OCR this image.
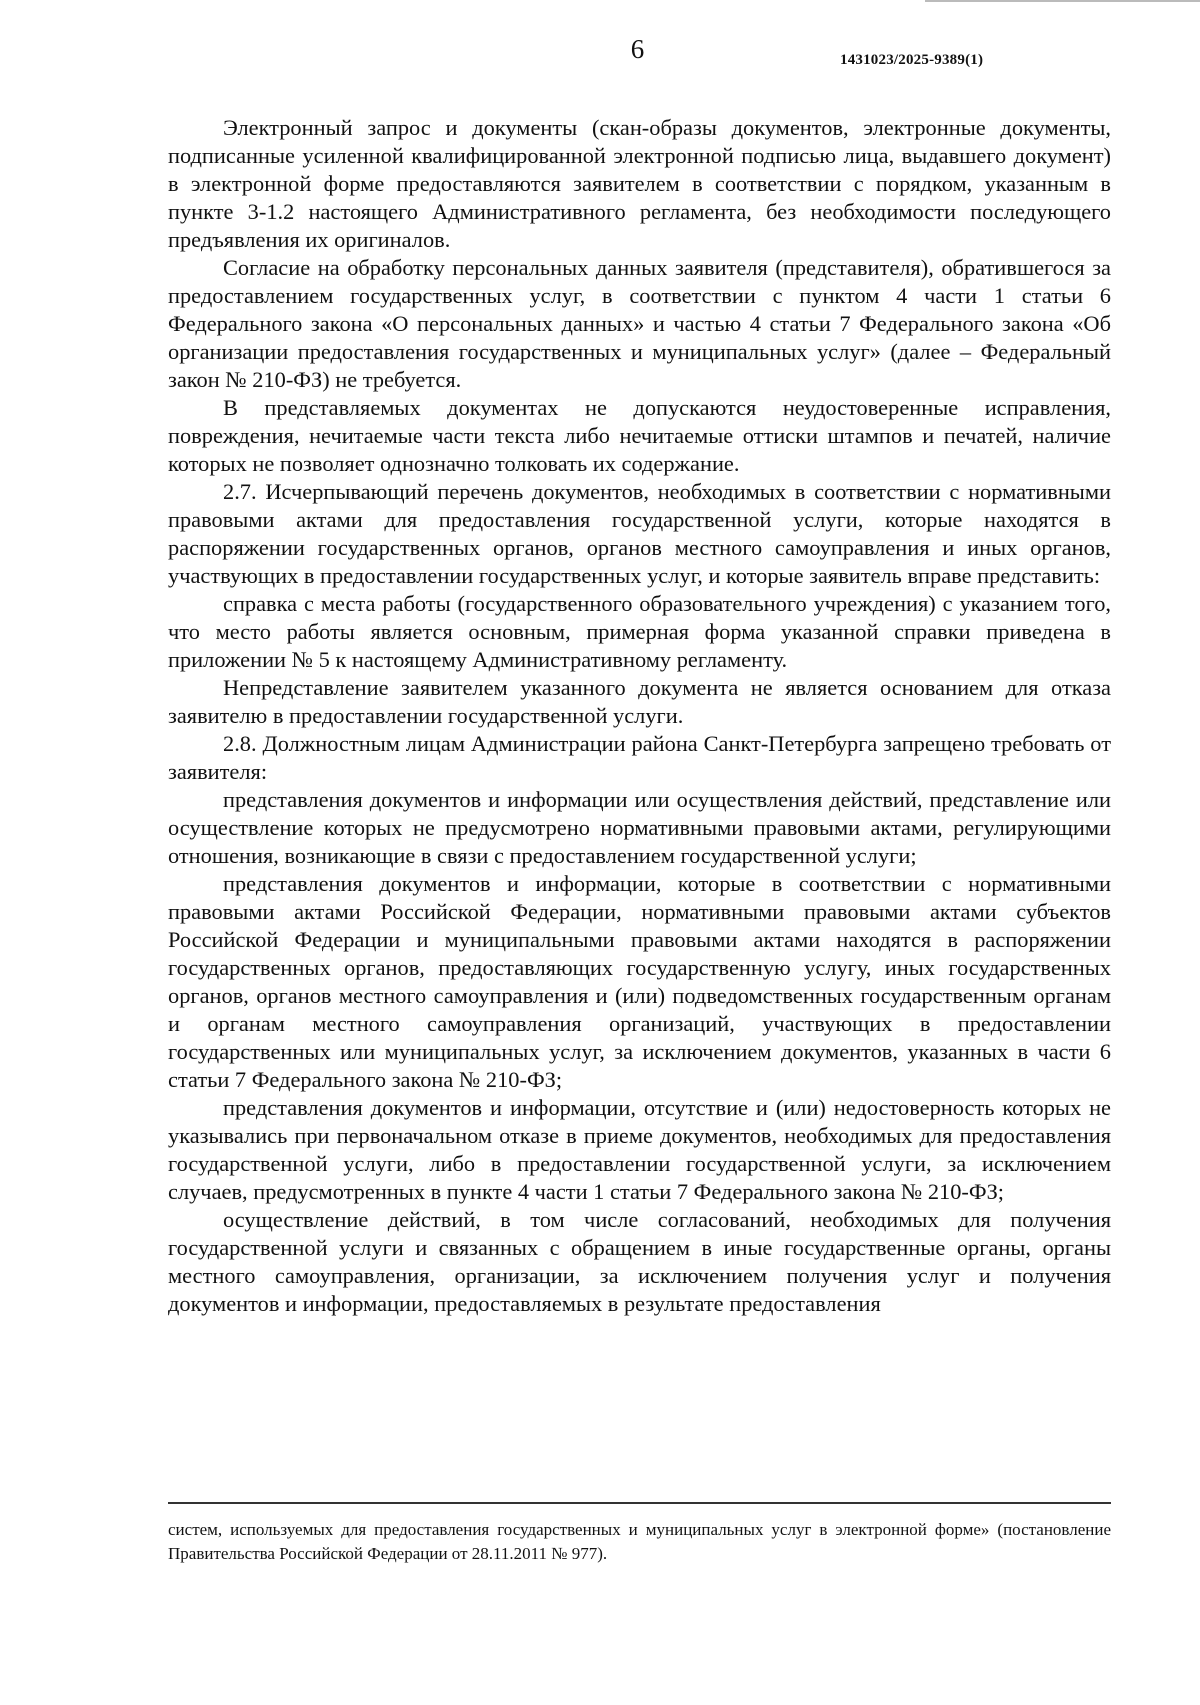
6	1431023/2025-9389(1)

Электронный запрос и документы (скан-образы документов, электронные документы, подписанные усиленной квалифицированной электронной подписью лица, выдавшего документ) в электронной форме предоставляются заявителем в соответствии с порядком, указанным в пункте 3-1.2 настоящего Административного регламента, без необходимости последующего предъявления их оригиналов.

Согласие на обработку персональных данных заявителя (представителя), обратившегося за предоставлением государственных услуг, в соответствии с пунктом 4 части 1 статьи 6 Федерального закона «О персональных данных» и частью 4 статьи 7 Федерального закона «Об организации предоставления государственных и муниципальных услуг» (далее – Федеральный закон № 210-ФЗ) не требуется.

В представляемых документах не допускаются неудостоверенные исправления, повреждения, нечитаемые части текста либо нечитаемые оттиски штампов и печатей, наличие которых не позволяет однозначно толковать их содержание.

2.7. Исчерпывающий перечень документов, необходимых в соответствии с нормативными правовыми актами для предоставления государственной услуги, которые находятся в распоряжении государственных органов, органов местного самоуправления и иных органов, участвующих в предоставлении государственных услуг, и которые заявитель вправе представить:

справка с места работы (государственного образовательного учреждения) с указанием того, что место работы является основным, примерная форма указанной справки приведена в приложении № 5 к настоящему Административному регламенту.

Непредставление заявителем указанного документа не является основанием для отказа заявителю в предоставлении государственной услуги.

2.8. Должностным лицам Администрации района Санкт-Петербурга запрещено требовать от заявителя:

представления документов и информации или осуществления действий, представление или осуществление которых не предусмотрено нормативными правовыми актами, регулирующими отношения, возникающие в связи с предоставлением государственной услуги;

представления документов и информации, которые в соответствии с нормативными правовыми актами Российской Федерации, нормативными правовыми актами субъектов Российской Федерации и муниципальными правовыми актами находятся в распоряжении государственных органов, предоставляющих государственную услугу, иных государственных органов, органов местного самоуправления и (или) подведомственных государственным органам и органам местного самоуправления организаций, участвующих в предоставлении государственных или муниципальных услуг, за исключением документов, указанных в части 6 статьи 7 Федерального закона № 210-ФЗ;

представления документов и информации, отсутствие и (или) недостоверность которых не указывались при первоначальном отказе в приеме документов, необходимых для предоставления государственной услуги, либо в предоставлении государственной услуги, за исключением случаев, предусмотренных в пункте 4 части 1 статьи 7 Федерального закона № 210-ФЗ;

осуществление действий, в том числе согласований, необходимых для получения государственной услуги и связанных с обращением в иные государственные органы, органы местного самоуправления, организации, за исключением получения услуг и получения документов и информации, предоставляемых в результате предоставления

систем, используемых для предоставления государственных и муниципальных услуг в электронной форме» (постановление Правительства Российской Федерации от 28.11.2011 № 977).
